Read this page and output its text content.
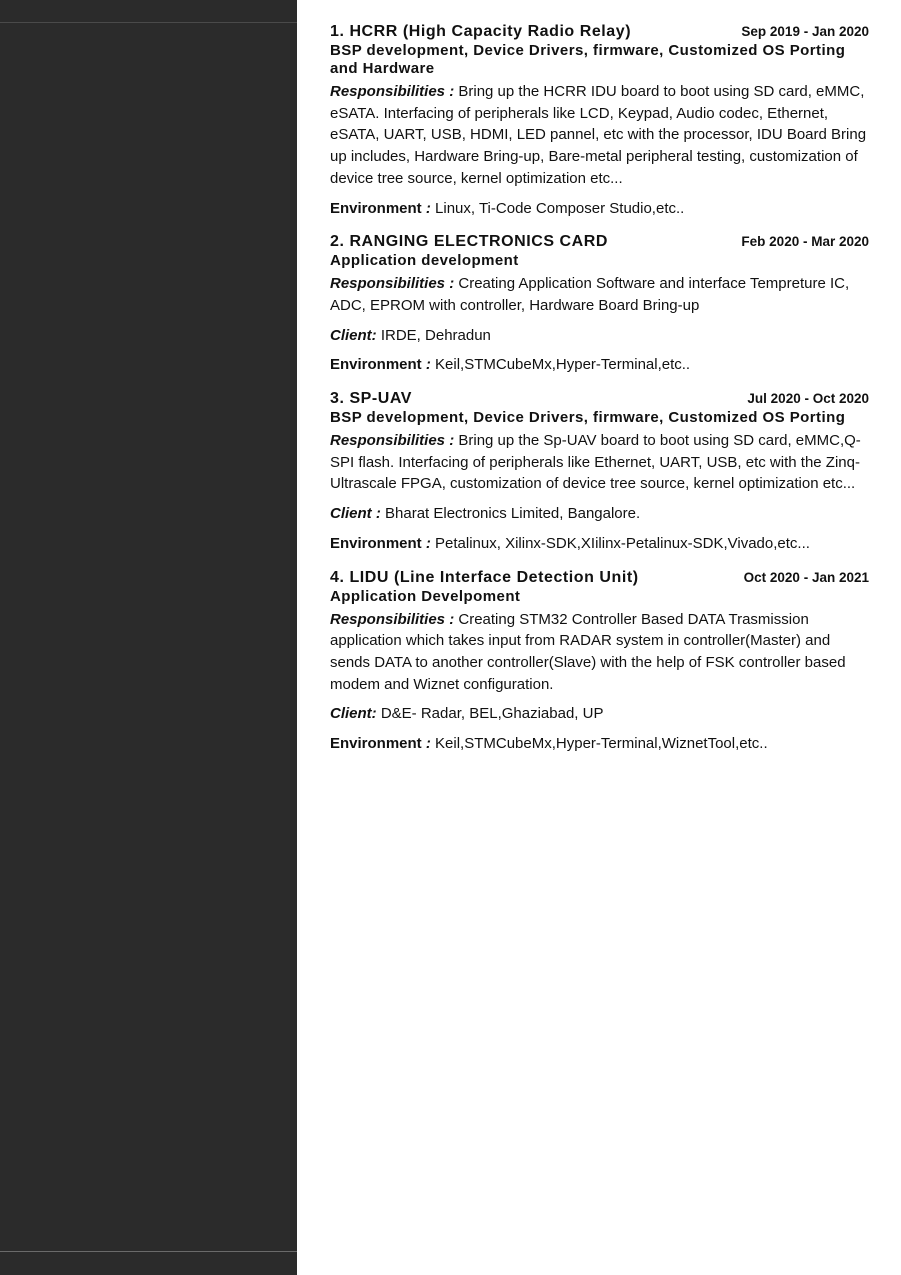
1. HCRR (High Capacity Radio Relay)	Sep 2019 - Jan 2020
BSP development, Device Drivers, firmware, Customized OS Porting and Hardware
Responsibilities : Bring up the HCRR IDU board to boot using SD card, eMMC, eSATA. Interfacing of peripherals like LCD, Keypad, Audio codec, Ethernet, eSATA, UART, USB, HDMI, LED pannel, etc with the processor, IDU Board Bring up includes, Hardware Bring-up, Bare-metal peripheral testing, customization of device tree source, kernel optimization etc...
Environment : Linux, Ti-Code Composer Studio,etc..
2. RANGING ELECTRONICS CARD	Feb 2020 - Mar 2020
Application development
Responsibilities : Creating Application Software and interface Tempreture IC, ADC, EPROM with controller, Hardware Board Bring-up
Client: IRDE, Dehradun
Environment : Keil,STMCubeMx,Hyper-Terminal,etc..
3. SP-UAV	Jul 2020 - Oct 2020
BSP development, Device Drivers, firmware, Customized OS Porting
Responsibilities : Bring up the Sp-UAV board to boot using SD card, eMMC,Q-SPI flash. Interfacing of peripherals like Ethernet, UART, USB, etc with the Zinq-Ultrascale FPGA, customization of device tree source, kernel optimization etc...
Client : Bharat Electronics Limited, Bangalore.
Environment : Petalinux, Xilinx-SDK,XIilinx-Petalinux-SDK,Vivado,etc...
4. LIDU (Line Interface Detection Unit)	Oct 2020 - Jan 2021
Application Develpoment
Responsibilities : Creating STM32 Controller Based DATA Trasmission application which takes input from RADAR system in controller(Master) and sends DATA to another controller(Slave) with the help of FSK controller based modem and Wiznet configuration.
Client: D&E- Radar, BEL,Ghaziabad, UP
Environment : Keil,STMCubeMx,Hyper-Terminal,WiznetTool,etc..
